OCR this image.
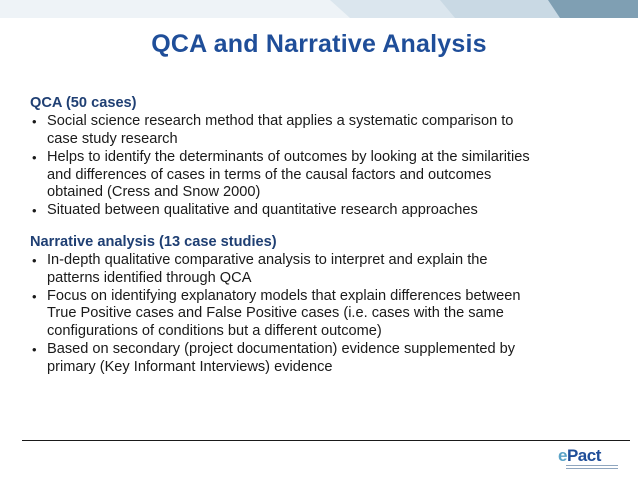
QCA and Narrative Analysis

QCA (50 cases)

• Social science research method that applies a systematic comparison to
case study research
• Helps to identify the determinants of outcomes by looking at the similarities
and differences of cases in terms of the causal factors and outcomes
obtained (Cress and Snow 2000)
• Situated between qualitative and quantitative research approaches

Narrative analysis (13 case studies)

• In-depth qualitative comparative analysis to interpret and explain the
patterns identified through QCA
• Focus on identifying explanatory models that explain differences between
True Positive cases and False Positive cases (i.e. cases with the same
configurations of conditions but a different outcome)
• Based on secondary (project documentation) evidence supplemented by
primary (Key Informant Interviews) evidence
ePact
